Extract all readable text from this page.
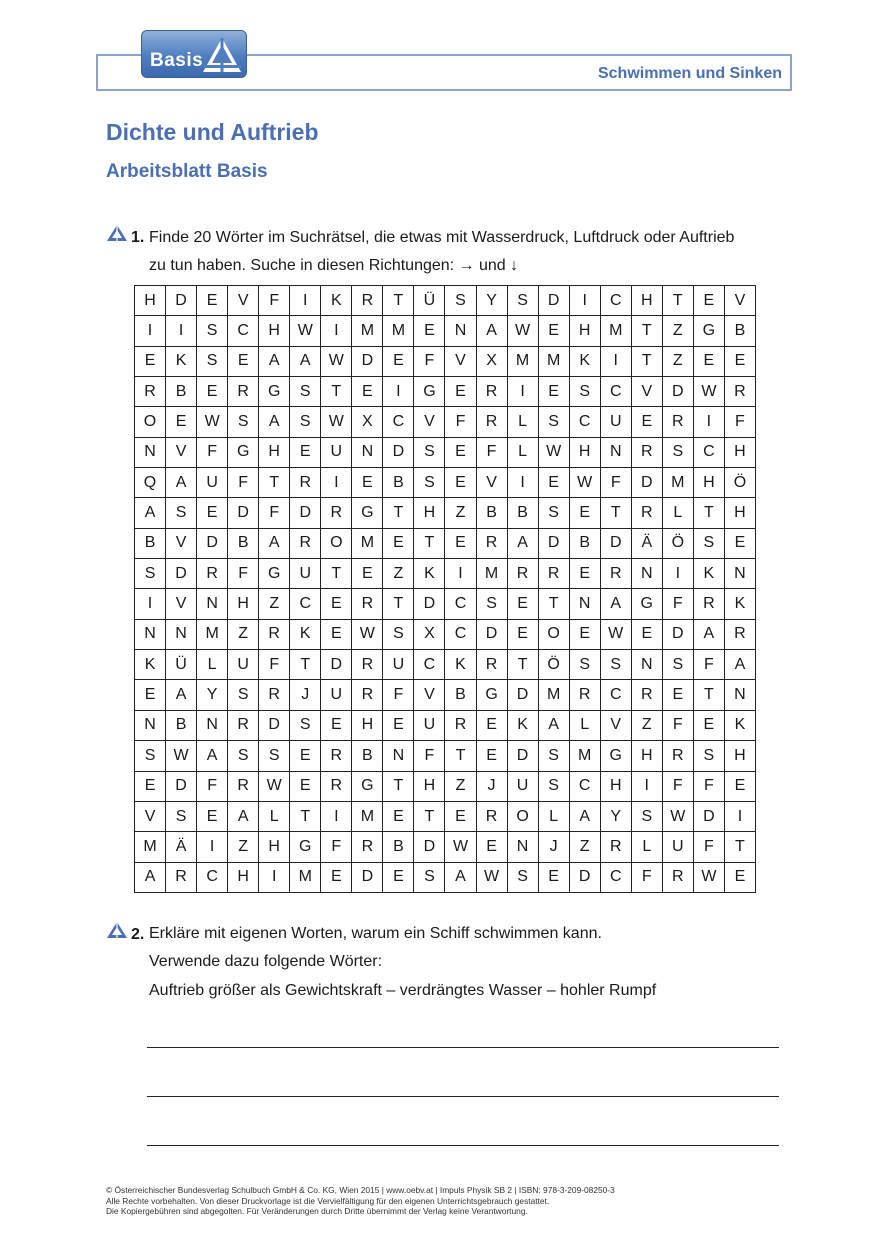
Schwimmen und Sinken
Basis
Dichte und Auftrieb
Arbeitsblatt Basis
1. Finde 20 Wörter im Suchrätsel, die etwas mit Wasserdruck, Luftdruck oder Auftrieb
zu tun haben. Suche in diesen Richtungen: → und ↓
H	D	E	V	F	I	K	R	T	Ü	S	Y	S	D	I	C	H	T	E	V
I	I	S	C	H	W	I	M	M	E	N	A	W	E	H	M	T	Z	G	B
E	K	S	E	A	A	W	D	E	F	V	X	M	M	K	I	T	Z	E	E
R	B	E	R	G	S	T	E	I	G	E	R	I	E	S	C	V	D	W	R
O	E	W	S	A	S	W	X	C	V	F	R	L	S	C	U	E	R	I	F
N	V	F	G	H	E	U	N	D	S	E	F	L	W	H	N	R	S	C	H
Q	A	U	F	T	R	I	E	B	S	E	V	I	E	W	F	D	M	H	Ö
A	S	E	D	F	D	R	G	T	H	Z	B	B	S	E	T	R	L	T	H
B	V	D	B	A	R	O	M	E	T	E	R	A	D	B	D	Ä	Ö	S	E
S	D	R	F	G	U	T	E	Z	K	I	M	R	R	E	R	N	I	K	N
I	V	N	H	Z	C	E	R	T	D	C	S	E	T	N	A	G	F	R	K
N	N	M	Z	R	K	E	W	S	X	C	D	E	O	E	W	E	D	A	R
K	Ü	L	U	F	T	D	R	U	C	K	R	T	Ö	S	S	N	S	F	A
E	A	Y	S	R	J	U	R	F	V	B	G	D	M	R	C	R	E	T	N
N	B	N	R	D	S	E	H	E	U	R	E	K	A	L	V	Z	F	E	K
S	W	A	S	S	E	R	B	N	F	T	E	D	S	M	G	H	R	S	H
E	D	F	R	W	E	R	G	T	H	Z	J	U	S	C	H	I	F	F	E
V	S	E	A	L	T	I	M	E	T	E	R	O	L	A	Y	S	W	D	I
M	Ä	I	Z	H	G	F	R	B	D	W	E	N	J	Z	R	L	U	F	T
A	R	C	H	I	M	E	D	E	S	A	W	S	E	D	C	F	R	W	E
2. Erkläre mit eigenen Worten, warum ein Schiff schwimmen kann.
Verwende dazu folgende Wörter:
Auftrieb größer als Gewichtskraft – verdrängtes Wasser – hohler Rumpf
© Österreichischer Bundesverlag Schulbuch GmbH & Co. KG, Wien 2015 | www.oebv.at | Impuls Physik SB 2 | ISBN: 978-3-209-08250-3
Alle Rechte vorbehalten. Von dieser Druckvorlage ist die Vervielfältigung für den eigenen Unterrichtsgebrauch gestattet.
Die Kopiergebühren sind abgegolten. Für Veränderungen durch Dritte übernimmt der Verlag keine Verantwortung.
